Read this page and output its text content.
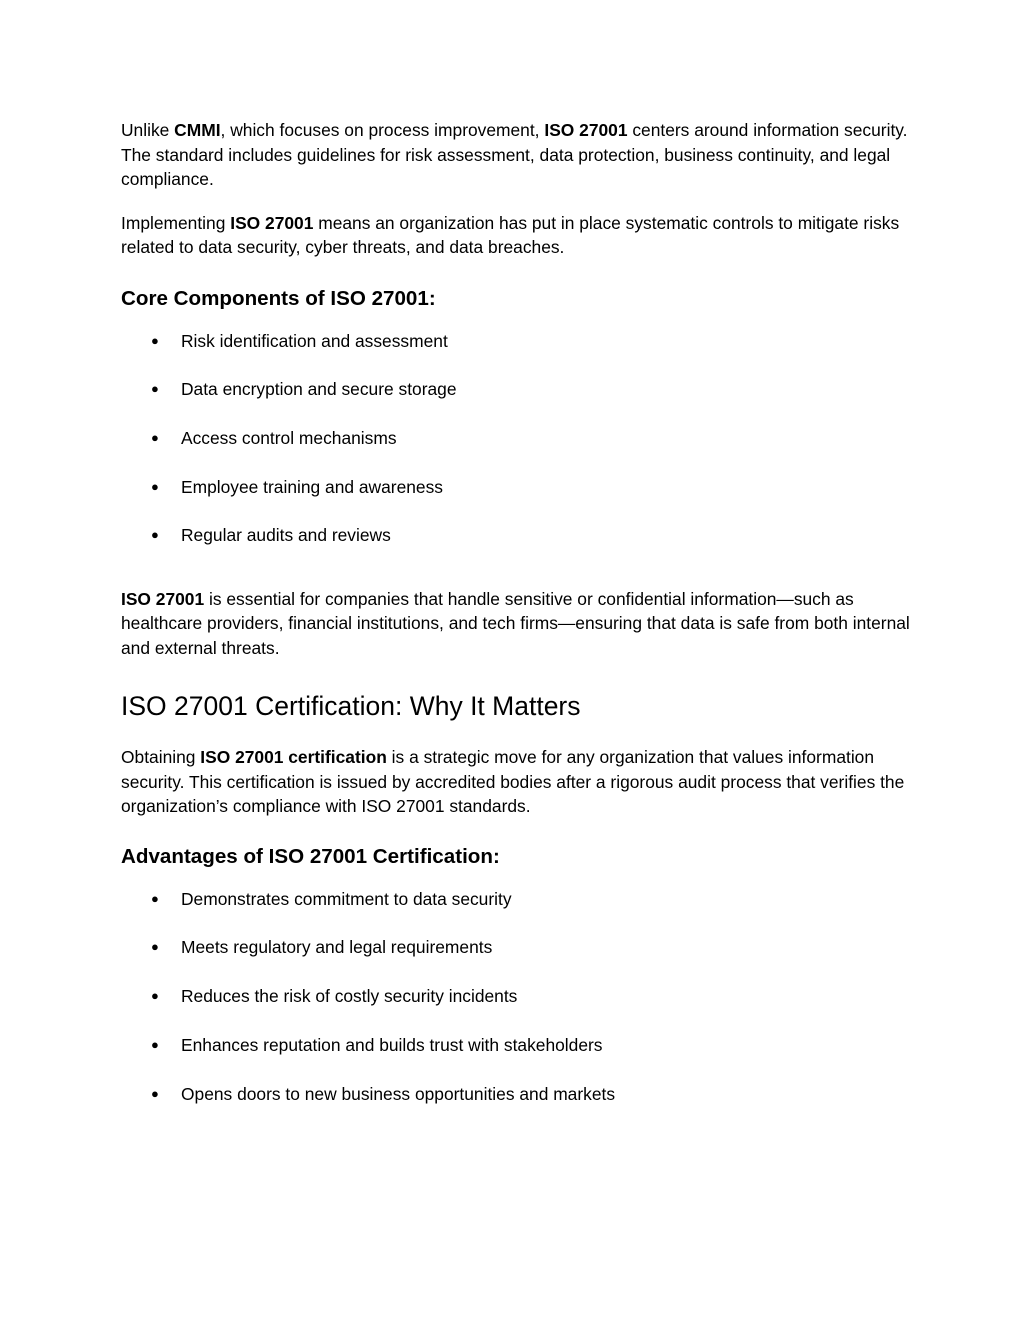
Unlike CMMI, which focuses on process improvement, ISO 27001 centers around information security. The standard includes guidelines for risk assessment, data protection, business continuity, and legal compliance.

Implementing ISO 27001 means an organization has put in place systematic controls to mitigate risks related to data security, cyber threats, and data breaches.

Core Components of ISO 27001:
● Risk identification and assessment
● Data encryption and secure storage
● Access control mechanisms
● Employee training and awareness
● Regular audits and reviews

ISO 27001 is essential for companies that handle sensitive or confidential information—such as healthcare providers, financial institutions, and tech firms—ensuring that data is safe from both internal and external threats.

ISO 27001 Certification: Why It Matters

Obtaining ISO 27001 certification is a strategic move for any organization that values information security. This certification is issued by accredited bodies after a rigorous audit process that verifies the organization’s compliance with ISO 27001 standards.

Advantages of ISO 27001 Certification:
● Demonstrates commitment to data security
● Meets regulatory and legal requirements
● Reduces the risk of costly security incidents
● Enhances reputation and builds trust with stakeholders
● Opens doors to new business opportunities and markets
